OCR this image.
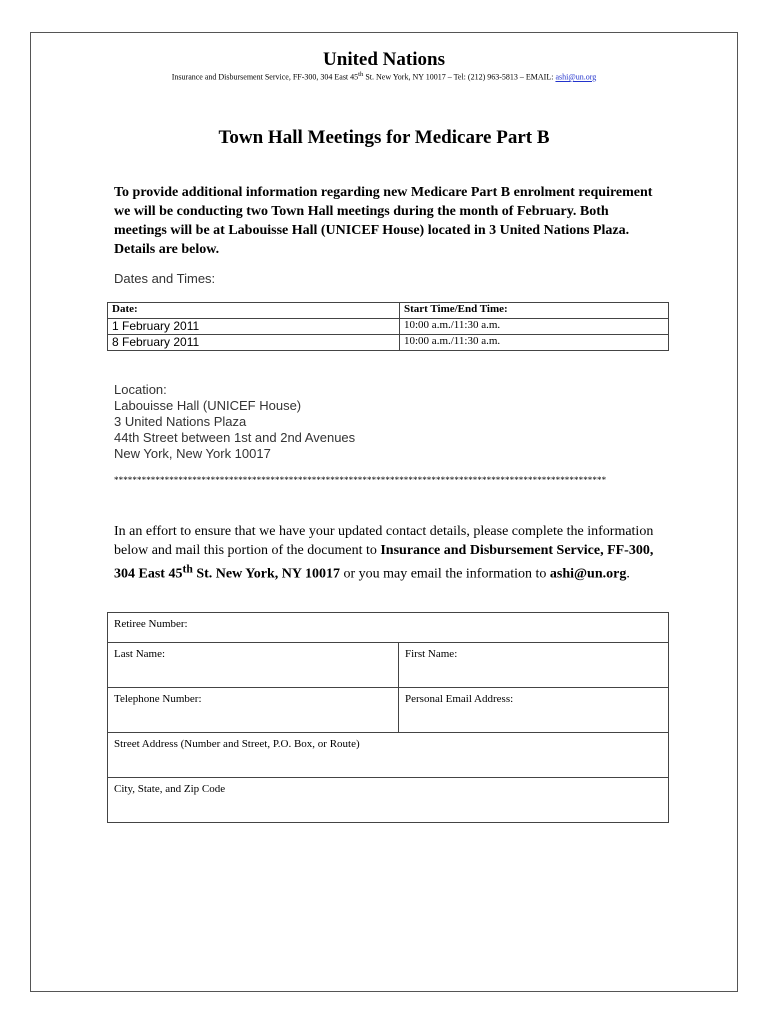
United Nations
Insurance and Disbursement Service, FF-300, 304 East 45th St. New York, NY 10017 – Tel: (212) 963-5813 – EMAIL: ashi@un.org
Town Hall Meetings for Medicare Part B
To provide additional information regarding new Medicare Part B enrolment requirement we will be conducting two Town Hall meetings during the month of February. Both meetings will be at Labouisse Hall (UNICEF House) located in 3 United Nations Plaza. Details are below.
Dates and Times:
Date:	Start Time/End Time:
1 February 2011	10:00 a.m./11:30 a.m.
8 February 2011	10:00 a.m./11:30 a.m.
Location:
Labouisse Hall (UNICEF House)
3 United Nations Plaza
44th Street between 1st and 2nd Avenues
New York, New York 10017
***********************************************************************************************************
In an effort to ensure that we have your updated contact details, please complete the information below and mail this portion of the document to Insurance and Disbursement Service, FF-300, 304 East 45th St. New York, NY 10017 or you may email the information to ashi@un.org.
Retiree Number:	
Last Name:	First Name:
Telephone Number:	Personal Email Address:
Street Address (Number and Street, P.O. Box, or Route)	
City, State, and Zip Code	
